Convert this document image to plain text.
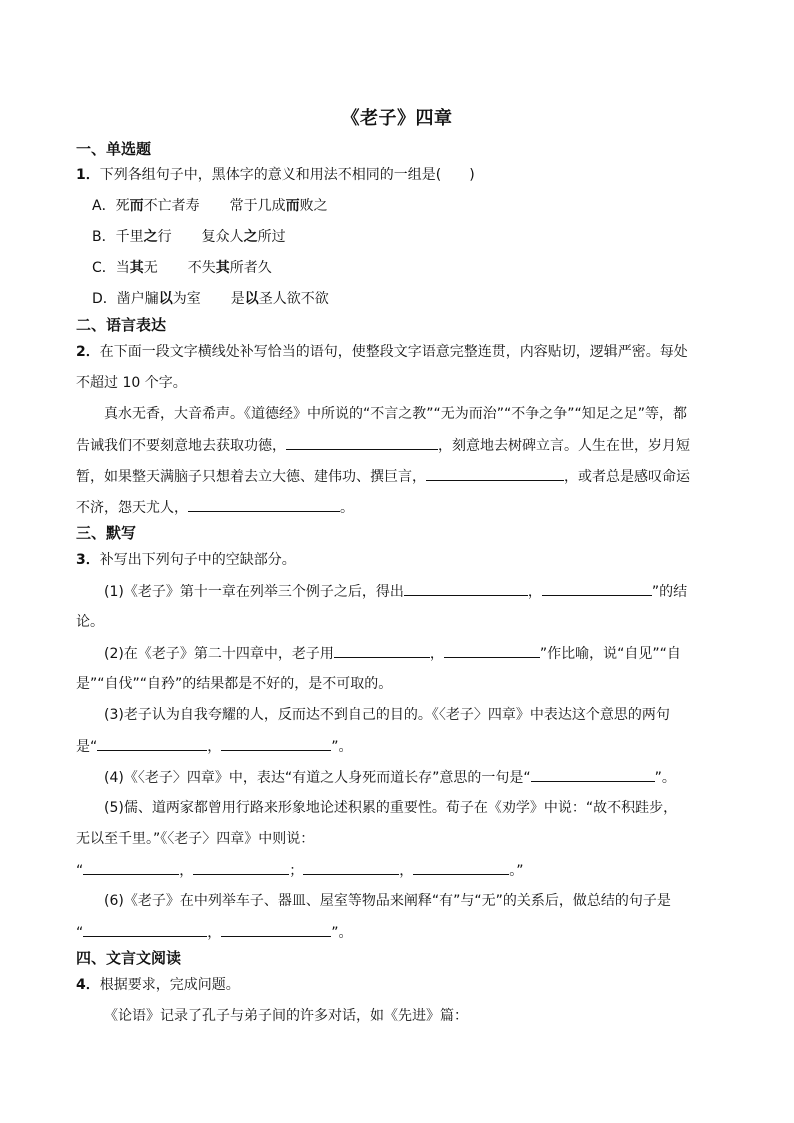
《老子》四章
一、单选题
1．下列各组句子中，黑体字的意义和用法不相同的一组是(　　)
A．死而不亡者寿 常于几成而败之
B．千里之行 复众人之所过
C．当其无 不失其所者久
D．凿户牖以为室 是以圣人欲不欲
二、语言表达
2．在下面一段文字横线处补写恰当的语句，使整段文字语意完整连贯，内容贴切，逻辑严密。每处
不超过 10 个字。
真水无香，大音希声。《道德经》中所说的“不言之教”“无为而治”“不争之争”“知足之足”等，都
告诫我们不要刻意地去获取功德，	，刻意地去树碑立言。人生在世，岁月短
暂，如果整天满脑子只想着去立大德、建伟功、撰巨言，	，或者总是感叹命运
不济，怨天尤人，	。
三、默写
3．补写出下列句子中的空缺部分。
(1)《老子》第十一章在列举三个例子之后，得出	，	”的结
论。
(2)在《老子》第二十四章中，老子用	，	”作比喻，说“自见”“自
是”“自伐”“自矜”的结果都是不好的，是不可取的。
(3)老子认为自我夸耀的人，反而达不到自己的目的。《〈老子〉四章》中表达这个意思的两句
是“	，	”。
(4)《〈老子〉四章》中，表达“有道之人身死而道长存”意思的一句是“	”。
(5)儒、道两家都曾用行路来形象地论述积累的重要性。荀子在《劝学》中说：“故不积跬步，
无以至千里。”《〈老子〉四章》中则说：
“	，	；	，	。”
(6)《老子》在中列举车子、器皿、屋室等物品来阐释“有”与“无”的关系后，做总结的句子是
“	，	”。
四、文言文阅读
4．根据要求，完成问题。
《论语》记录了孔子与弟子间的许多对话，如《先进》篇：
